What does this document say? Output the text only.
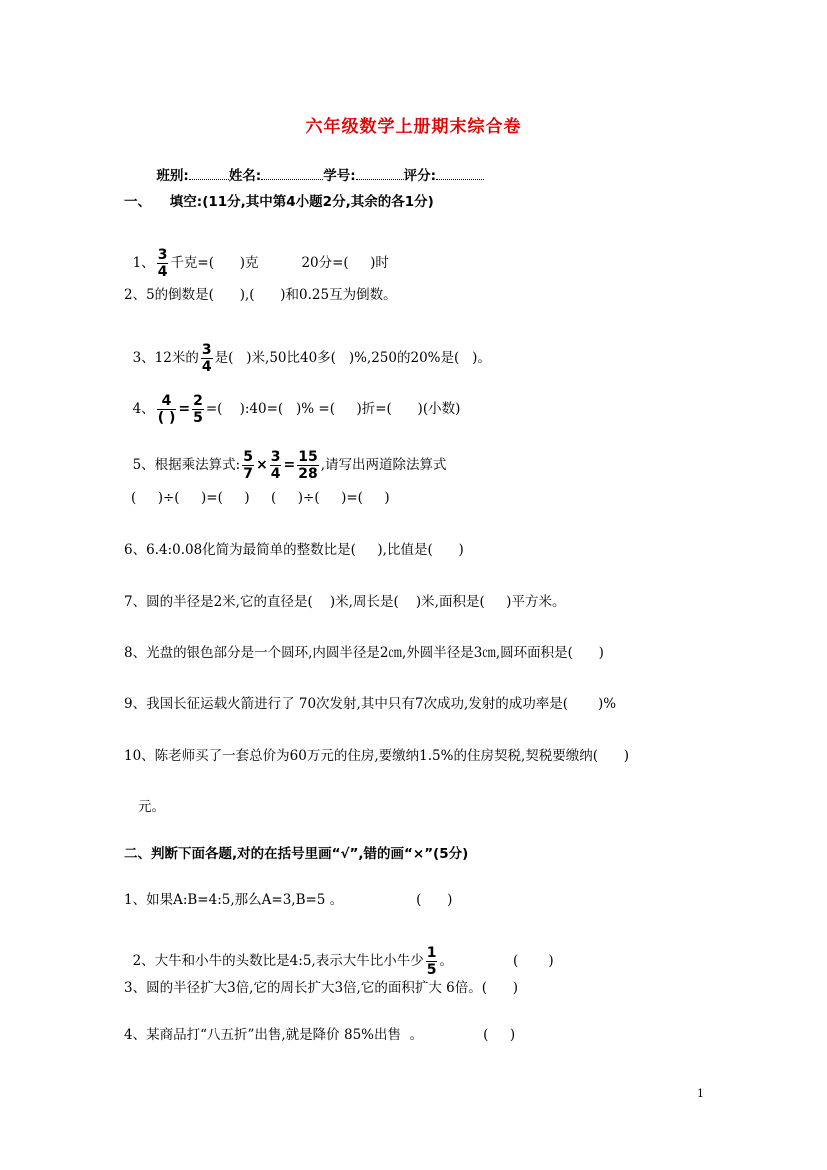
六年级数学上册期末综合卷

班别:	姓名:	学号:	评分:

一、    填空:(11分,其中第4小题2分,其余的各1分)

1、 $\frac{3}{4}$ 千克=(      )克          20分=(     )时

2、5的倒数是(      ),(      )和0.25互为倒数。

3、12米的 $\frac{3}{4}$ 是(   )米,50比40多(   )%,250的20%是(   )。

4、 $\frac{4}{( )} = \frac{2}{5}$ =(    ):40=(   )% =(     )折=(      )(小数)

5、根据乘法算式: $\frac{5}{7} \times \frac{3}{4} = \frac{15}{28}$ ,请写出两道除法算式

(     )÷(     )=(     )     (     )÷(     )=(     )
6、6.4:0.08化简为最简单的整数比是(     ),比值是(      )
7、圆的半径是2米,它的直径是(    )米,周长是(    )米,面积是(     )平方米。
8、光盘的银色部分是一个圆环,内圆半径是2㎝,外圆半径是3㎝,圆环面积是(      )
9、我国长征运载火箭进行了 70次发射,其中只有7次成功,发射的成功率是(       )%
10、陈老师买了一套总价为60万元的住房,要缴纳1.5%的住房契税,契税要缴纳(      )
元。
二、判断下面各题,对的在括号里画“√”,错的画“×”(5分)
1、如果A:B=4:5,那么A=3,B=5 。                 (      )

2、大牛和小牛的头数比是4:5,表示大牛比小牛少 $\frac{1}{5}$ 。              (       )

3、圆的半径扩大3倍,它的周长扩大3倍,它的面积扩大 6倍。(      )
4、某商品打“八五折”出售,就是降价 85%出售  。              (     )
1
